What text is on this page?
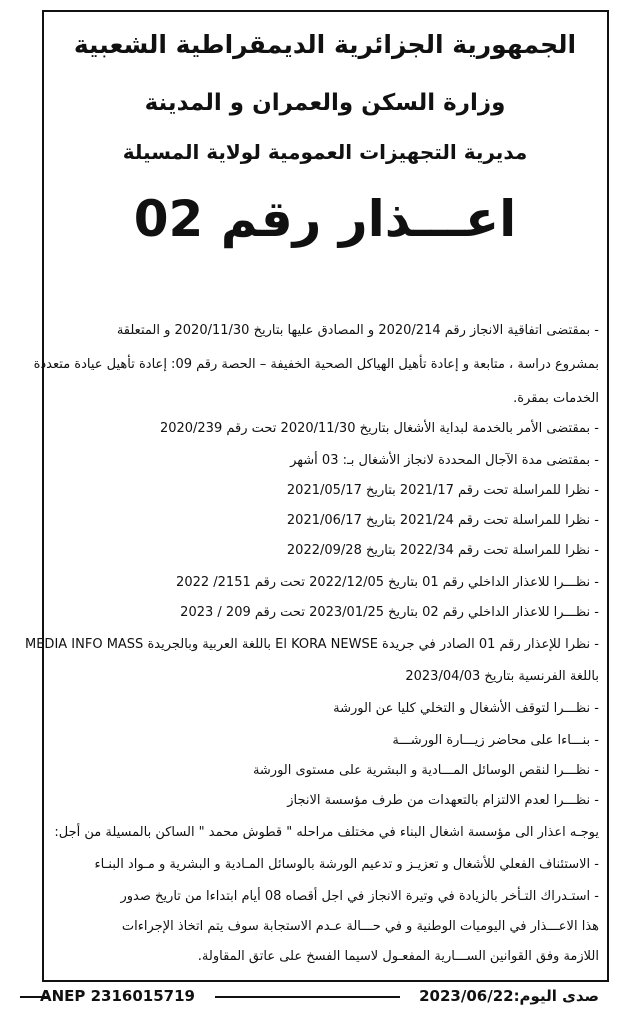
الجمهورية الجزائرية الديمقراطية الشعبية
وزارة السكن والعمران و المدينة
مديرية التجهيزات العمومية لولاية المسيلة
اعـــذار رقم 02
- بمقتضى اتفاقية الانجاز رقم 2020/214 و المصادق عليها بتاريخ 2020/11/30 و المتعلقة
بمشروع دراسة ، متابعة و إعادة تأهيل الهياكل الصحية الخفيفة – الحصة رقم 09: إعادة تأهيل عيادة متعددة
الخدمات بمقرة.
- بمقتضى الأمر بالخدمة لبداية الأشغال بتاريخ 2020/11/30 تحت رقم 2020/239
- بمقتضى مدة الآجال المحددة لانجاز الأشغال بـ: 03 أشهر
- نظرا للمراسلة تحت رقم 2021/17 بتاريخ 2021/05/17
- نظرا للمراسلة تحت رقم 2021/24 بتاريخ 2021/06/17
- نظرا للمراسلة تحت رقم 2022/34 بتاريخ 2022/09/28
- نظـــرا للاعذار الداخلي رقم 01 بتاريخ 2022/12/05 تحت رقم 2151/ 2022
- نظـــرا للاعذار الداخلي رقم 02 بتاريخ 2023/01/25 تحت رقم 209 / 2023
- نظرا للإعذار رقم 01 الصادر في جريدة El KORA NEWSE باللغة العربية وبالجريدة MEDIA INFO MASS
باللغة الفرنسية بتاريخ 2023/04/03
- نظـــرا لتوقف الأشغال و التخلي كليا عن الورشة
- بنـــاءا على محاضر زيـــارة الورشـــة
- نظـــرا لنقص الوسائل المـــادية و البشرية على مستوى الورشة
- نظـــرا لعدم الالتزام بالتعهدات من طرف مؤسسة الانجاز
يوجـه اعذار الى مؤسسة اشغال البناء في مختلف مراحله " قطوش محمد " الساكن بالمسيلة من أجل:
- الاستئناف الفعلي للأشغال و تعزيـز و تدعيم الورشة بالوسائل المـادية و البشرية و مـواد البنـاء
- استـدراك التـأخر بالزيادة في وتيرة الانجاز في اجل أقصاه 08 أيام ابتداءا من تاريخ صدور
هذا الاعـــذار في اليوميات الوطنية و في حـــالة عـدم الاستجابة سوف يتم اتخاذ الإجراءات
اللازمة وفق القوانين الســـارية المفعـول لاسيما الفسخ على عاتق المقاولة.
ANEP 2316015719	صدى اليوم:2023/06/22
